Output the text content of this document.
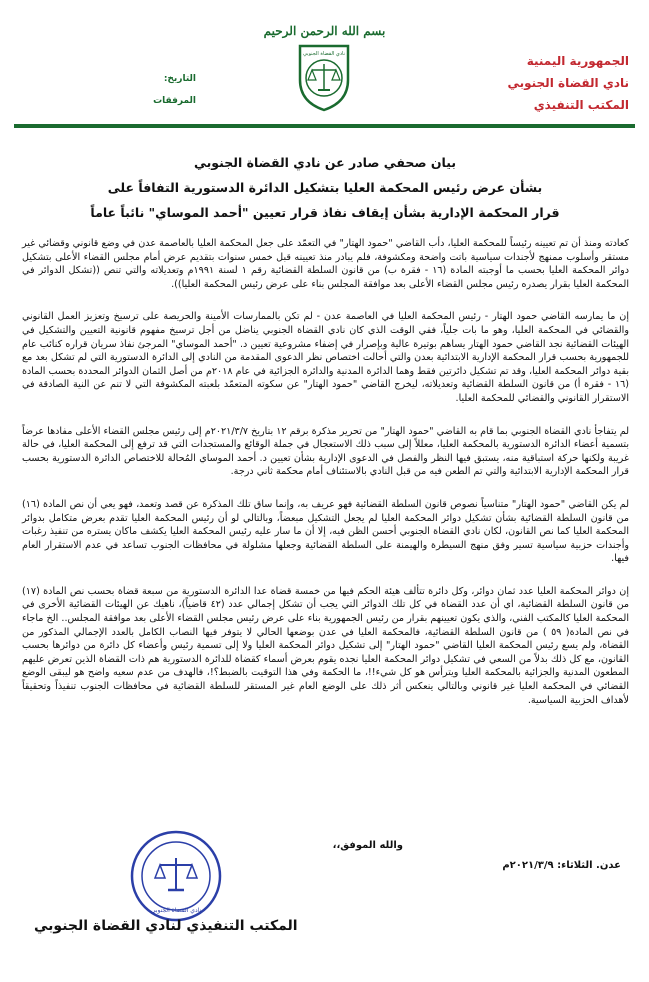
بسم الله الرحمن الرحيم
الجمهورية اليمنية
نادي القضاة الجنوبي
المكتب التنفيذي
نادي القضاة الجنوبي
التاريخ:
المرفقات
بيان صحفي صادر عن نادي القضاة الجنوبي
بشأن عرض رئيس المحكمة العليا بتشكيل الدائرة الدستورية التفافاً على
قرار المحكمة الإدارية بشأن إيقاف نفاذ قرار تعيين "أحمد الموساي" نائباً عاماً

كعادته ومنذ أن تم تعيينه رئيساً للمحكمة العليا، دأب القاضي "حمود الهتار" في التعمّد على جعل المحكمة العليا بالعاصمة عدن في وضع قانوني وقضائي غير مستقر وأسلوب ممنهج لأجندات سياسية باتت واضحة ومكشوفة، فلم يبادر منذ تعيينه قبل خمس سنوات بتقديم عرض أمام مجلس القضاء الأعلى بتشكيل دوائر المحكمة العليا بحسب ما أوجبته المادة (١٦ - فقرة ب) من قانون السلطة القضائية رقم ١ لسنة ١٩٩١م وتعديلاته والتي تنص ((تشكل الدوائر في المحكمة العليا بقرار يصدره رئيس مجلس القضاء الأعلى بعد موافقة المجلس بناء على عرض رئيس المحكمة العليا)).

إن ما يمارسه القاضي حمود الهتار - رئيس المحكمة العليا في العاصمة عدن - لم تكن بالممارسات الأمينة والحريصة على ترسيخ وتعزيز العمل القانوني والقضائي في المحكمة العليا، وهو ما بات جلياً، ففي الوقت الذي كان نادي القضاة الجنوبي يناضل من أجل ترسيخ مفهوم قانونية التعيين والتشكيل في الهيئات القضائية نجد القاضي حمود الهتار يساهم بوتيرة عالية وبإصرار في إضفاء مشروعية تعيين د. "أحمد الموساي" المرجئ نفاذ سريان قراره كنائب عام للجمهورية بحسب قرار المحكمة الإدارية الابتدائية بعدن والتي أحالت اختصاص نظر الدعوى المقدمة من النادي إلى الدائرة الدستورية التي لم تشكل بعد مع بقية دوائر المحكمة العليا، وقد تم تشكيل دائرتين فقط وهما الدائرة المدنية والدائرة الجزائية في عام ٢٠١٨م من أصل الثمان الدوائر المحددة بحسب المادة (١٦ - فقرة أ) من قانون السلطة القضائية وتعديلاته، ليخرج القاضي "حمود الهتار" عن سكوته المتعمّد بلعبته المكشوفة التي لا تنم عن النية الصادقة في الاستقرار القانوني والقضائي للمحكمة العليا.

لم يتفاجأ نادي القضاة الجنوبي بما قام به القاضي "حمود الهتار" من تحرير مذكرة برقم ١٢ بتاريخ ٢٠٢١/٣/٧م إلى رئيس مجلس القضاء الأعلى مفادها عرضاً بتسمية أعضاء الدائرة الدستورية بالمحكمة العليا، معللاً إلى سبب ذلك الاستعجال في جملة الوقائع والمستجدات التي قد ترفع إلى المحكمة العليا، في حالة غريبة ولكنها حركة استباقية منه، يستبق فيها النظر والفصل في الدعوى الإدارية بشأن تعيين د. أحمد الموساي المُحالة للاختصاص الدائرة الدستورية بحسب قرار المحكمة الإدارية الابتدائية والتي تم الطعن فيه من قبل النادي بالاستئناف أمام محكمة ثاني درجة.

لم يكن القاضي "حمود الهتار" متناسياً نصوص قانون السلطة القضائية فهو عريف به، وإنما ساق تلك المذكرة عن قصد وتعمد، فهو يعي أن نص المادة (١٦) من قانون السلطة القضائية بشأن تشكيل دوائر المحكمة العليا لم يجعل التشكيل مبعضاً، وبالتالي لو أن رئيس المحكمة العليا تقدم بعرض متكامل بدوائر المحكمة العليا كما نص القانون، لكان نادي القضاة الجنوبي أحسن الظن فيه، إلا أن ما سار عليه رئيس المحكمة العليا يكشف ماكان يستره من تنفيذ رغبات وأجندات حزبية سياسية تسير وفق منهج السيطرة والهيمنة على السلطة القضائية وجعلها مشلولة في محافظات الجنوب تساعد في عدم الاستقرار العام فيها.

إن دوائر المحكمة العليا عدد ثمان دوائر، وكل دائرة تتألف هيئة الحكم فيها من خمسة قضاة عدا الدائرة الدستورية من سبعة قضاة بحسب نص المادة (١٧) من قانون السلطة القضائية، اي أن عدد القضاة في كل تلك الدوائر التي يجب أن تشكل إجمالي عدد (٤٢ قاضياً)، ناهيك عن الهيئات القضائية الأخرى في المحكمة العليا كالمكتب الفني، والذي يكون تعيينهم بقرار من رئيس الجمهورية بناء على عرض رئيس مجلس القضاء الأعلى بعد موافقة المجلس.. الخ ماجاء في نص المادة( ٥٩ ) من قانون السلطة القضائية، فالمحكمة العليا في عدن بوضعها الحالي لا يتوفر فيها النصاب الكامل بالعدد الإجمالي المذكور من القضاة، ولم يسع رئيس المحكمة العليا القاضي "حمود الهتار" إلى تشكيل دوائر المحكمة العليا ولا إلى تسمية رئيس وأعضاء كل دائرة من دوائرها بحسب القانون، مع كل ذلك بدلاً من السعي في تشكيل دوائر المحكمة العليا نجده يقوم بعرض أسماء كقضاة للدائرة الدستورية هم ذات القضاة الذين تعرض عليهم المطعون المدنية والجزائية بالمحكمة العليا ويترأس هو كل شيء!!، ما الحكمة وفي هذا التوقيت بالضبط؟!، فالهدف من عدم سعيه واضح هو ليبقى الوضع القضائي في المحكمة العليا غير قانوني وبالتالي ينعكس أثر ذلك على الوضع العام غير المستقر للسلطة القضائية في محافظات الجنوب تنفيذاً وتحقيقاً لأهداف الحزبية السياسية.

والله الموفق،،
عدن. الثلاثاء: ٢٠٢١/٣/٩م
نادي القضاة الجنوبي
المكتب التنفيذي لنادي القضاة الجنوبي
